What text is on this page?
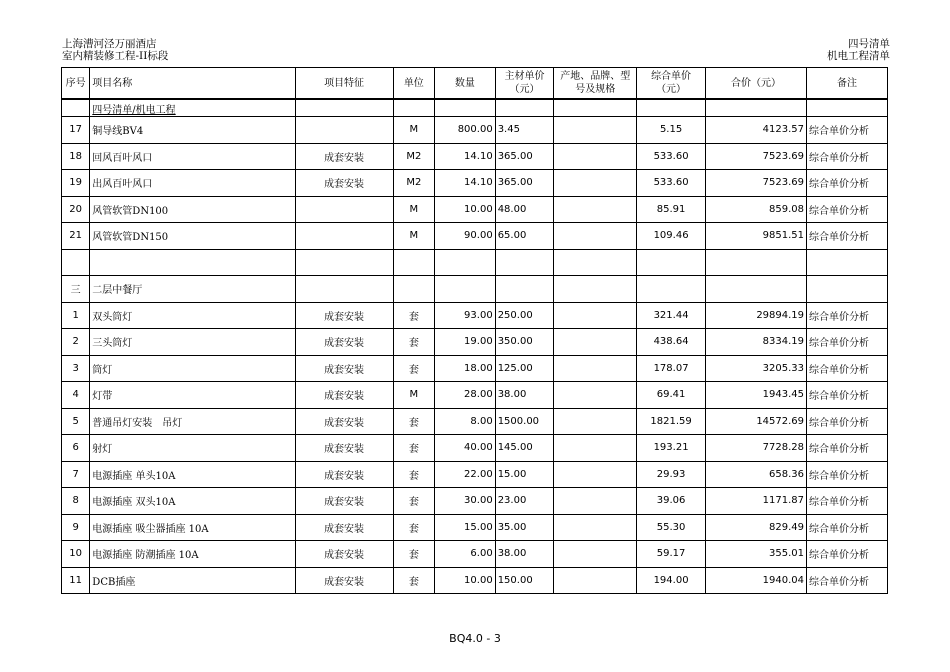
上海漕河泾万丽酒店
室内精装修工程-II标段
四号清单
机电工程清单
序号	项目名称	项目特征	单位	数量	主材单价（元）	产地、品牌、型号及规格	综合单价（元）	合价（元）	备注
	四号清单/机电工程								
17	铜导线BV4		M	800.00	3.45		5.15	4123.57	综合单价分析
18	回风百叶风口	成套安装	M2	14.10	365.00		533.60	7523.69	综合单价分析
19	出风百叶风口	成套安装	M2	14.10	365.00		533.60	7523.69	综合单价分析
20	风管软管DN100		M	10.00	48.00		85.91	859.08	综合单价分析
21	风管软管DN150		M	90.00	65.00		109.46	9851.51	综合单价分析

三	二层中餐厅								
1	双头筒灯	成套安装	套	93.00	250.00		321.44	29894.19	综合单价分析
2	三头筒灯	成套安装	套	19.00	350.00		438.64	8334.19	综合单价分析
3	筒灯	成套安装	套	18.00	125.00		178.07	3205.33	综合单价分析
4	灯带	成套安装	M	28.00	38.00		69.41	1943.45	综合单价分析
5	普通吊灯安装　吊灯	成套安装	套	8.00	1500.00		1821.59	14572.69	综合单价分析
6	射灯	成套安装	套	40.00	145.00		193.21	7728.28	综合单价分析
7	电源插座 单头10A	成套安装	套	22.00	15.00		29.93	658.36	综合单价分析
8	电源插座 双头10A	成套安装	套	30.00	23.00		39.06	1171.87	综合单价分析
9	电源插座 吸尘器插座 10A	成套安装	套	15.00	35.00		55.30	829.49	综合单价分析
10	电源插座 防潮插座 10A	成套安装	套	6.00	38.00		59.17	355.01	综合单价分析
11	DCB插座	成套安装	套	10.00	150.00		194.00	1940.04	综合单价分析
BQ4.0 - 3
